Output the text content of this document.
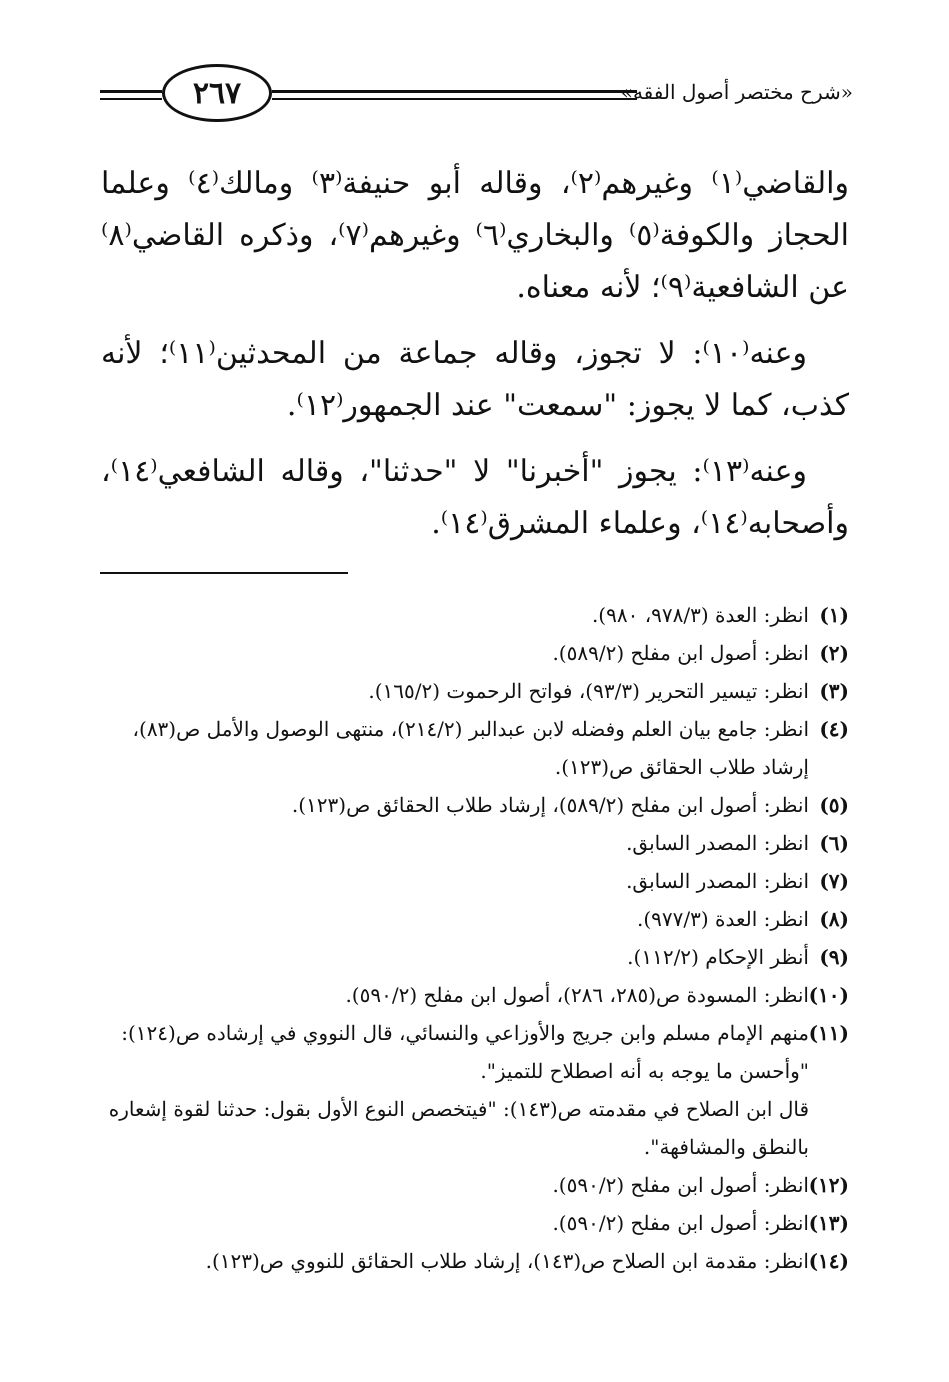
٢٦٧	«شرح مختصر أصول الفقه»

والقاضي⁽١⁾ وغيرهم⁽٢⁾، وقاله أبو حنيفة⁽٣⁾ ومالك⁽٤⁾ وعلما الحجاز والكوفة⁽٥⁾ والبخاري⁽٦⁾ وغيرهم⁽٧⁾، وذكره القاضي⁽٨⁾ عن الشافعية⁽٩⁾؛ لأنه معناه.

وعنه⁽١٠⁾: لا تجوز، وقاله جماعة من المحدثين⁽١١⁾؛ لأنه كذب، كما لا يجوز: "سمعت" عند الجمهور⁽١٢⁾.

وعنه⁽١٣⁾: يجوز "أخبرنا" لا "حدثنا"، وقاله الشافعي⁽١٤⁾، وأصحابه⁽١٤⁾، وعلماء المشرق⁽١٤⁾.

(١)
انظر: العدة (٩٧٨/٣، ٩٨٠).
(٢)
انظر: أصول ابن مفلح (٥٨٩/٢).
(٣)
انظر: تيسير التحرير (٩٣/٣)، فواتح الرحموت (١٦٥/٢).
(٤)
انظر: جامع بيان العلم وفضله لابن عبدالبر (٢١٤/٢)، منتهى الوصول والأمل ص(٨٣)، إرشاد طلاب الحقائق ص(١٢٣).
(٥)
انظر: أصول ابن مفلح (٥٨٩/٢)، إرشاد طلاب الحقائق ص(١٢٣).
(٦)
انظر: المصدر السابق.
(٧)
انظر: المصدر السابق.
(٨)
انظر: العدة (٩٧٧/٣).
(٩)
أنظر الإحكام (١١٢/٢).
(١٠)
انظر: المسودة ص(٢٨٥، ٢٨٦)، أصول ابن مفلح (٥٩٠/٢).
(١١)
منهم الإمام مسلم وابن جريج والأوزاعي والنسائي، قال النووي في إرشاده ص(١٢٤): "وأحسن ما يوجه به أنه اصطلاح للتميز".
قال ابن الصلاح في مقدمته ص(١٤٣): "فيتخصص النوع الأول بقول: حدثنا لقوة إشعاره بالنطق والمشافهة".
(١٢)
انظر: أصول ابن مفلح (٥٩٠/٢).
(١٣)
انظر: أصول ابن مفلح (٥٩٠/٢).
(١٤)
انظر: مقدمة ابن الصلاح ص(١٤٣)، إرشاد طلاب الحقائق للنووي ص(١٢٣).
